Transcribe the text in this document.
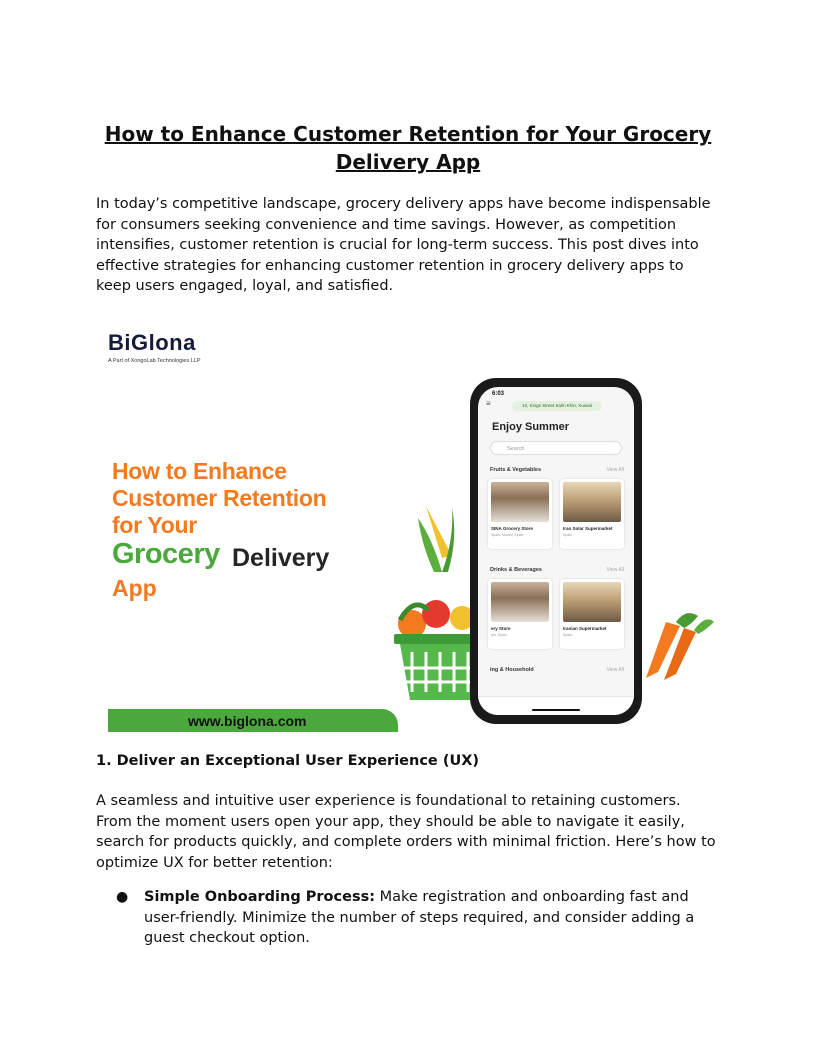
How to Enhance Customer Retention for Your Grocery Delivery App

In today’s competitive landscape, grocery delivery apps have become indispensable for consumers seeking convenience and time savings. However, as competition intensifies, customer retention is crucial for long-term success. This post dives into effective strategies for enhancing customer retention in grocery delivery apps to keep users engaged, loyal, and satisfied.

BiGlona
A Part of XongoLab Technologies LLP
How to Enhance
Customer Retention
for Your
Grocery Delivery
App
6:03
≡	10, Kings Street Salm Khin, Kuwait
Enjoy Summer
Search
Fruits & Vegetables	View All
SINA Grocery Store
Spain, Madrid, Spain
Iran Solar Supermarket
Spain
Drinks & Beverages	View All
ery Store
ain, Spain
Iranian Supermarket
Spain
ing & Household	View All
www.biglona.com

1. Deliver an Exceptional User Experience (UX)

A seamless and intuitive user experience is foundational to retaining customers. From the moment users open your app, they should be able to navigate it easily, search for products quickly, and complete orders with minimal friction. Here’s how to optimize UX for better retention:

● Simple Onboarding Process: Make registration and onboarding fast and user-friendly. Minimize the number of steps required, and consider adding a guest checkout option.
